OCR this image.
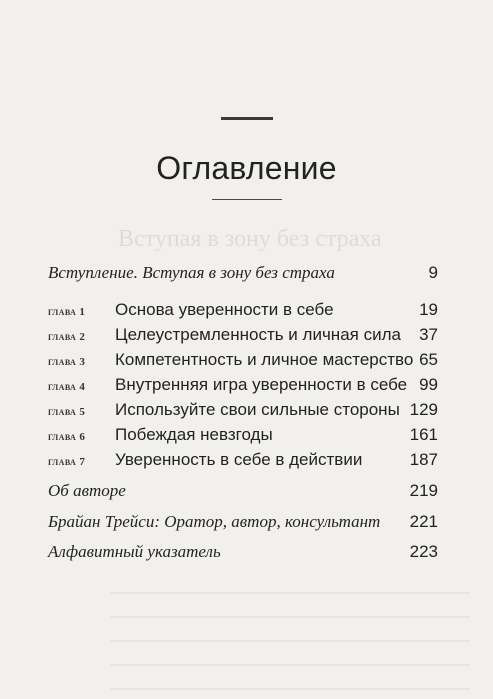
Вступая в зону без страха
Оглавление
Вступление. Вступая в зону без страха	9
глава 1	Основа уверенности в себе	19
глава 2	Целеустремленность и личная сила 37
глава 3	Компетентность и личное мастерство 65
глава 4	Внутренняя игра уверенности в себе 99
глава 5	Используйте свои сильные стороны 129
глава 6	Побеждая невзгоды	161
глава 7	Уверенность в себе в действии	187
Об авторе	219
Брайан Трейси: Оратор, автор, консультант 221
Алфавитный указатель	223
